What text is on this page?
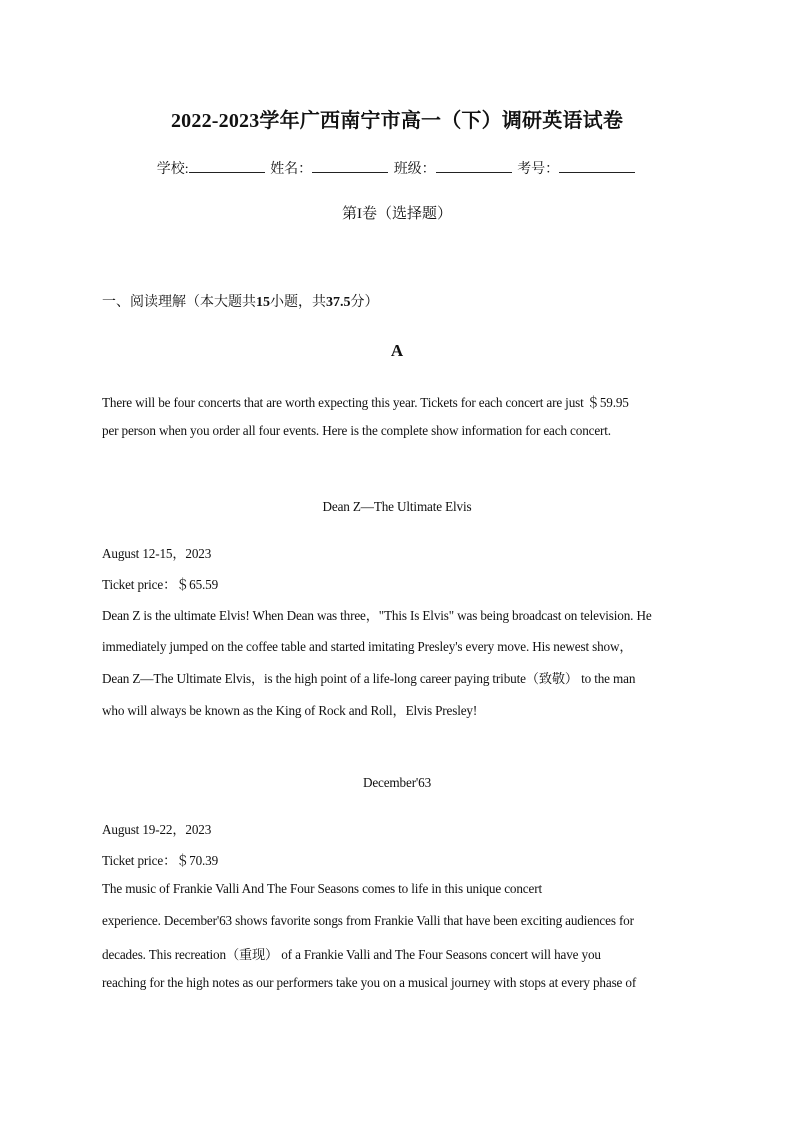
2022-2023学年广西南宁市高一（下）调研英语试卷
学校:	姓名：	班级：	考号：
第I卷（选择题）
一、阅读理解（本大题共15小题，共37.5分）
A
There will be four concerts that are worth expecting this year. Tickets for each concert are just ＄59.95
per person when you order all four events. Here is the complete show information for each concert.
Dean Z—The Ultimate Elvis
August 12-15，2023
Ticket price：＄65.59
Dean Z is the ultimate Elvis! When Dean was three，"This Is Elvis" was being broadcast on television. He
immediately jumped on the coffee table and started imitating Presley's every move. His newest show，
Dean Z—The Ultimate Elvis，is the high point of a life-long career paying tribute（致敬） to the man
who will always be known as the King of Rock and Roll，Elvis Presley!
December'63
August 19-22，2023
Ticket price：＄70.39
The music of Frankie Valli And The Four Seasons comes to life in this unique concert
experience. December'63 shows favorite songs from Frankie Valli that have been exciting audiences for
decades. This recreation（重现） of a Frankie Valli and The Four Seasons concert will have you
reaching for the high notes as our performers take you on a musical journey with stops at every phase of
